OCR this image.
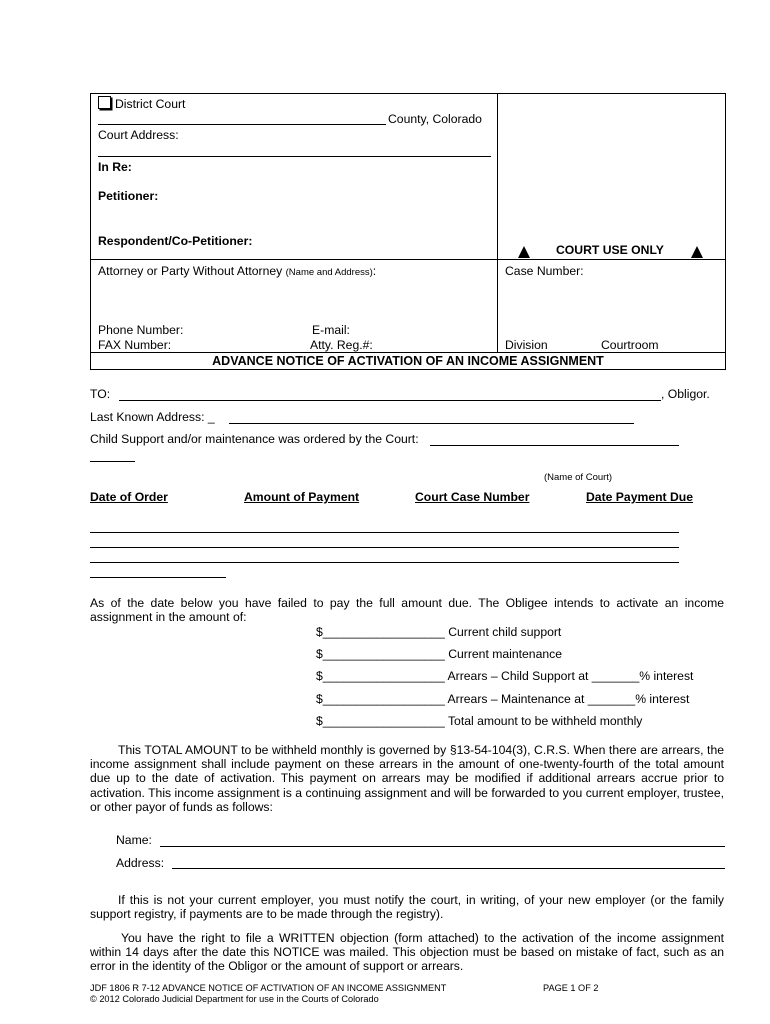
District Court
County, Colorado
Court Address:
In Re:
Petitioner:
Respondent/Co-Petitioner:
COURT USE ONLY
Attorney or Party Without Attorney (Name and Address):	Case Number:
Phone Number:	E-mail:
FAX Number:	Atty. Reg.#:	Division	Courtroom
ADVANCE NOTICE OF ACTIVATION OF AN INCOME ASSIGNMENT
TO:	, Obligor.
Last Known Address: _
Child Support and/or maintenance was ordered by the Court:
(Name of Court)
Date of Order	Amount of Payment	Court Case Number	Date Payment Due
As of the date below you have failed to pay the full amount due. The Obligee intends to activate an income assignment in the amount of:
$__________________ Current child support
$__________________ Current maintenance
$__________________ Arrears – Child Support at _______% interest
$__________________ Arrears – Maintenance at _______% interest
$__________________ Total amount to be withheld monthly
This TOTAL AMOUNT to be withheld monthly is governed by §13-54-104(3), C.R.S. When there are arrears, the income assignment shall include payment on these arrears in the amount of one-twenty-fourth of the total amount due up to the date of activation. This payment on arrears may be modified if additional arrears accrue prior to activation. This income assignment is a continuing assignment and will be forwarded to you current employer, trustee, or other payor of funds as follows:
Name:
Address:
If this is not your current employer, you must notify the court, in writing, of your new employer (or the family support registry, if payments are to be made through the registry).
You have the right to file a WRITTEN objection (form attached) to the activation of the income assignment within 14 days after the date this NOTICE was mailed. This objection must be based on mistake of fact, such as an error in the identity of the Obligor or the amount of support or arrears.
JDF 1806 R 7-12 ADVANCE NOTICE OF ACTIVATION OF AN INCOME ASSIGNMENT	PAGE 1 OF 2
© 2012 Colorado Judicial Department for use in the Courts of Colorado
